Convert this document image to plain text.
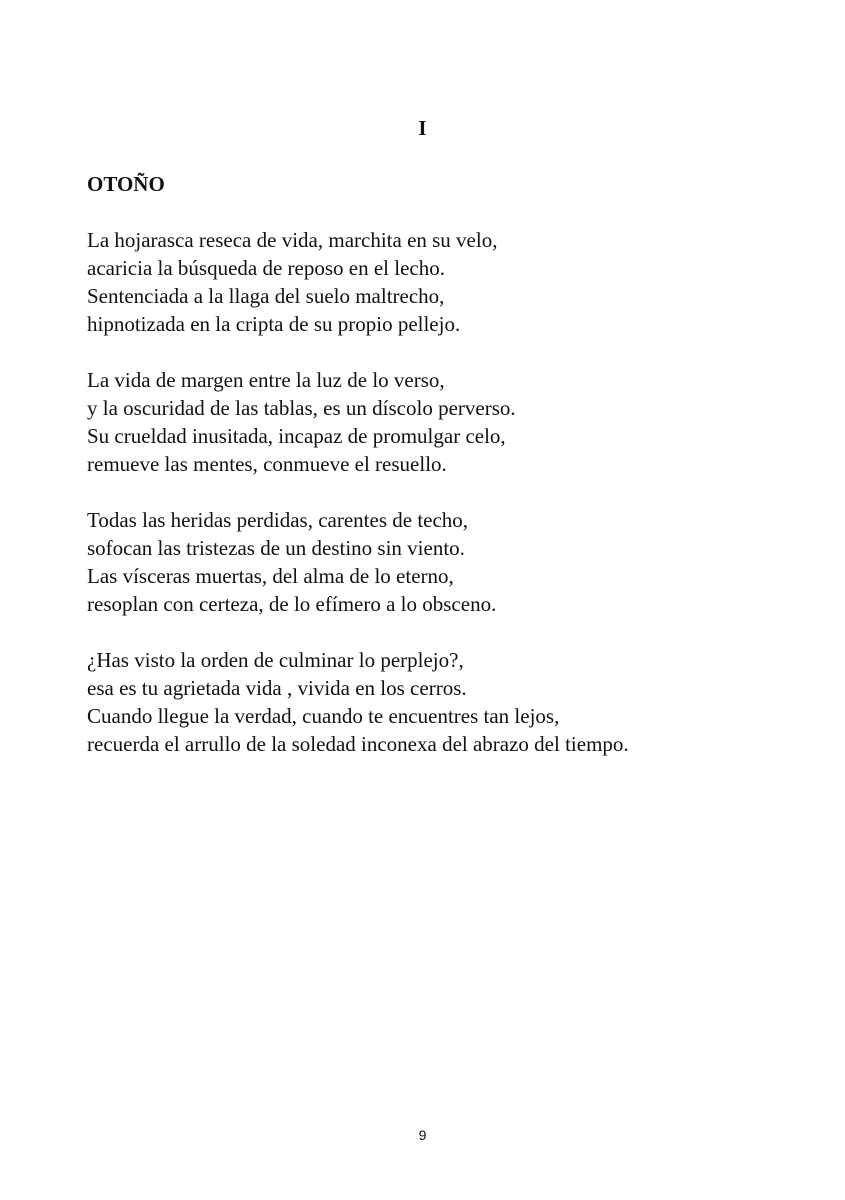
I
OTOÑO

La hojarasca reseca de vida, marchita en su velo,
acaricia la búsqueda de reposo en el lecho.
Sentenciada a la llaga del suelo maltrecho,
hipnotizada en la cripta de su propio pellejo.

La vida de margen entre la luz de lo verso,
y la oscuridad de las tablas, es un díscolo perverso.
Su crueldad inusitada, incapaz de promulgar celo,
remueve las mentes, conmueve el resuello.

Todas las heridas perdidas, carentes de techo,
sofocan las tristezas de un destino sin viento.
Las vísceras muertas, del alma de lo eterno,
resoplan con certeza, de lo efímero a lo obsceno.

¿Has visto la orden de culminar lo perplejo?,
esa es tu agrietada vida , vivida en los cerros.
Cuando llegue la verdad, cuando te encuentres tan lejos,
recuerda el arrullo de la soledad inconexa del abrazo del tiempo.

9
